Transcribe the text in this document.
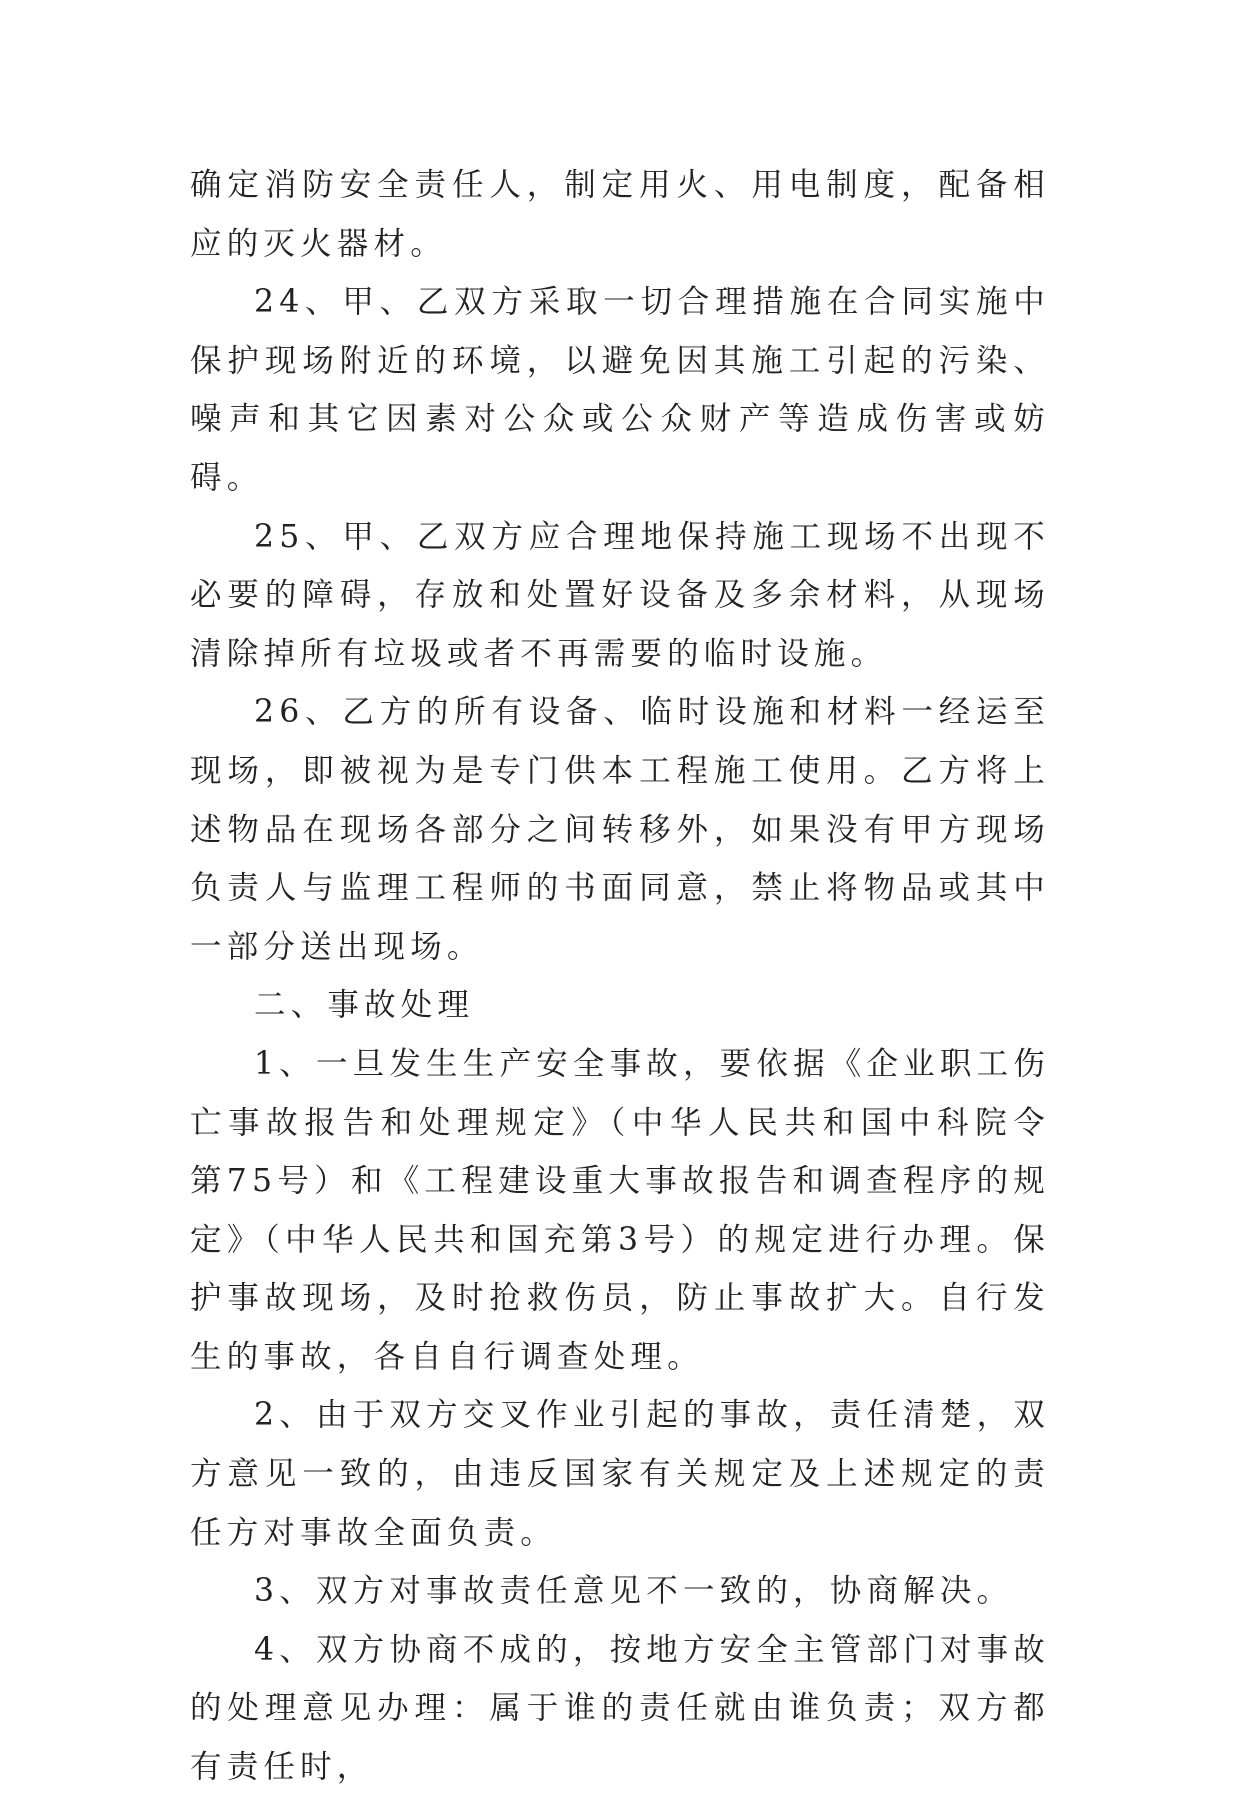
确定消防安全责任人，制定用火、用电制度，配备相应的灭火器材。

24、甲、乙双方采取一切合理措施在合同实施中保护现场附近的环境，以避免因其施工引起的污染、噪声和其它因素对公众或公众财产等造成伤害或妨碍。

25、甲、乙双方应合理地保持施工现场不出现不必要的障碍，存放和处置好设备及多余材料，从现场清除掉所有垃圾或者不再需要的临时设施。

26、乙方的所有设备、临时设施和材料一经运至现场，即被视为是专门供本工程施工使用。乙方将上述物品在现场各部分之间转移外，如果没有甲方现场负责人与监理工程师的书面同意，禁止将物品或其中一部分送出现场。

二、事故处理

1、一旦发生生产安全事故，要依据《企业职工伤亡事故报告和处理规定》（中华人民共和国中科院令第75号）和《工程建设重大事故报告和调查程序的规定》（中华人民共和国充第3号）的规定进行办理。保护事故现场，及时抢救伤员，防止事故扩大。自行发生的事故，各自自行调查处理。

2、由于双方交叉作业引起的事故，责任清楚，双方意见一致的，由违反国家有关规定及上述规定的责任方对事故全面负责。

3、双方对事故责任意见不一致的，协商解决。

4、双方协商不成的，按地方安全主管部门对事故的处理意见办理：属于谁的责任就由谁负责；双方都有责任时，
